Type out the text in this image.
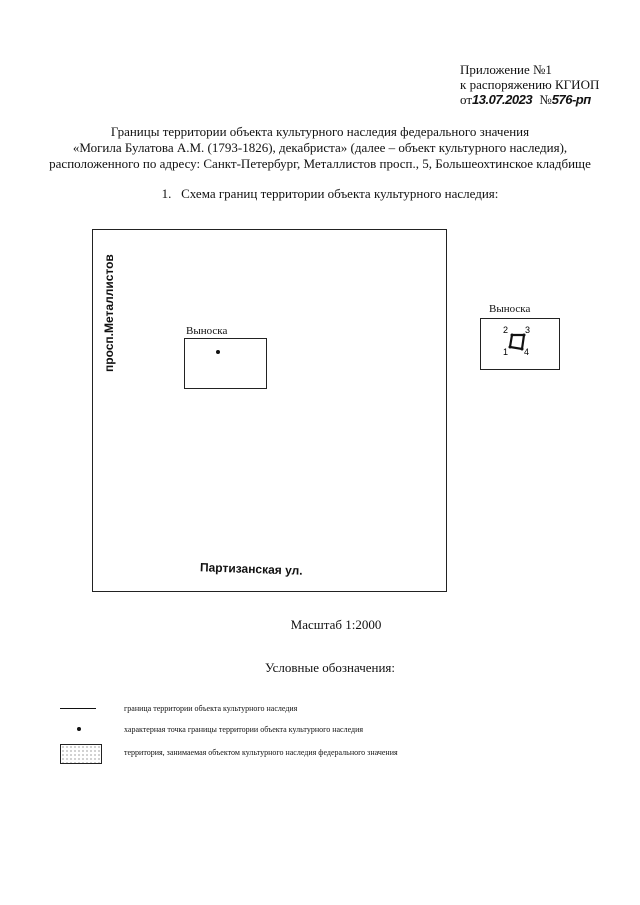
Приложение №1
к распоряжению КГИОП
от13.07.2023 №576-рп
Границы территории объекта культурного наследия федерального значения
«Могила Булатова А.М. (1793-1826), декабриста» (далее – объект культурного наследия),
расположенного по адресу: Санкт-Петербург, Металлистов просп., 5, Большеохтинское кладбище
1.   Схема границ территории объекта культурного наследия:
просп.Металлистов
Партизанская ул.
Выноска
Выноска
1
2 3
4
Масштаб 1:2000
Условные обозначения:
граница территории объекта культурного наследия
характерная точка границы территории объекта культурного наследия
территория, занимаемая объектом культурного наследия федерального значения
